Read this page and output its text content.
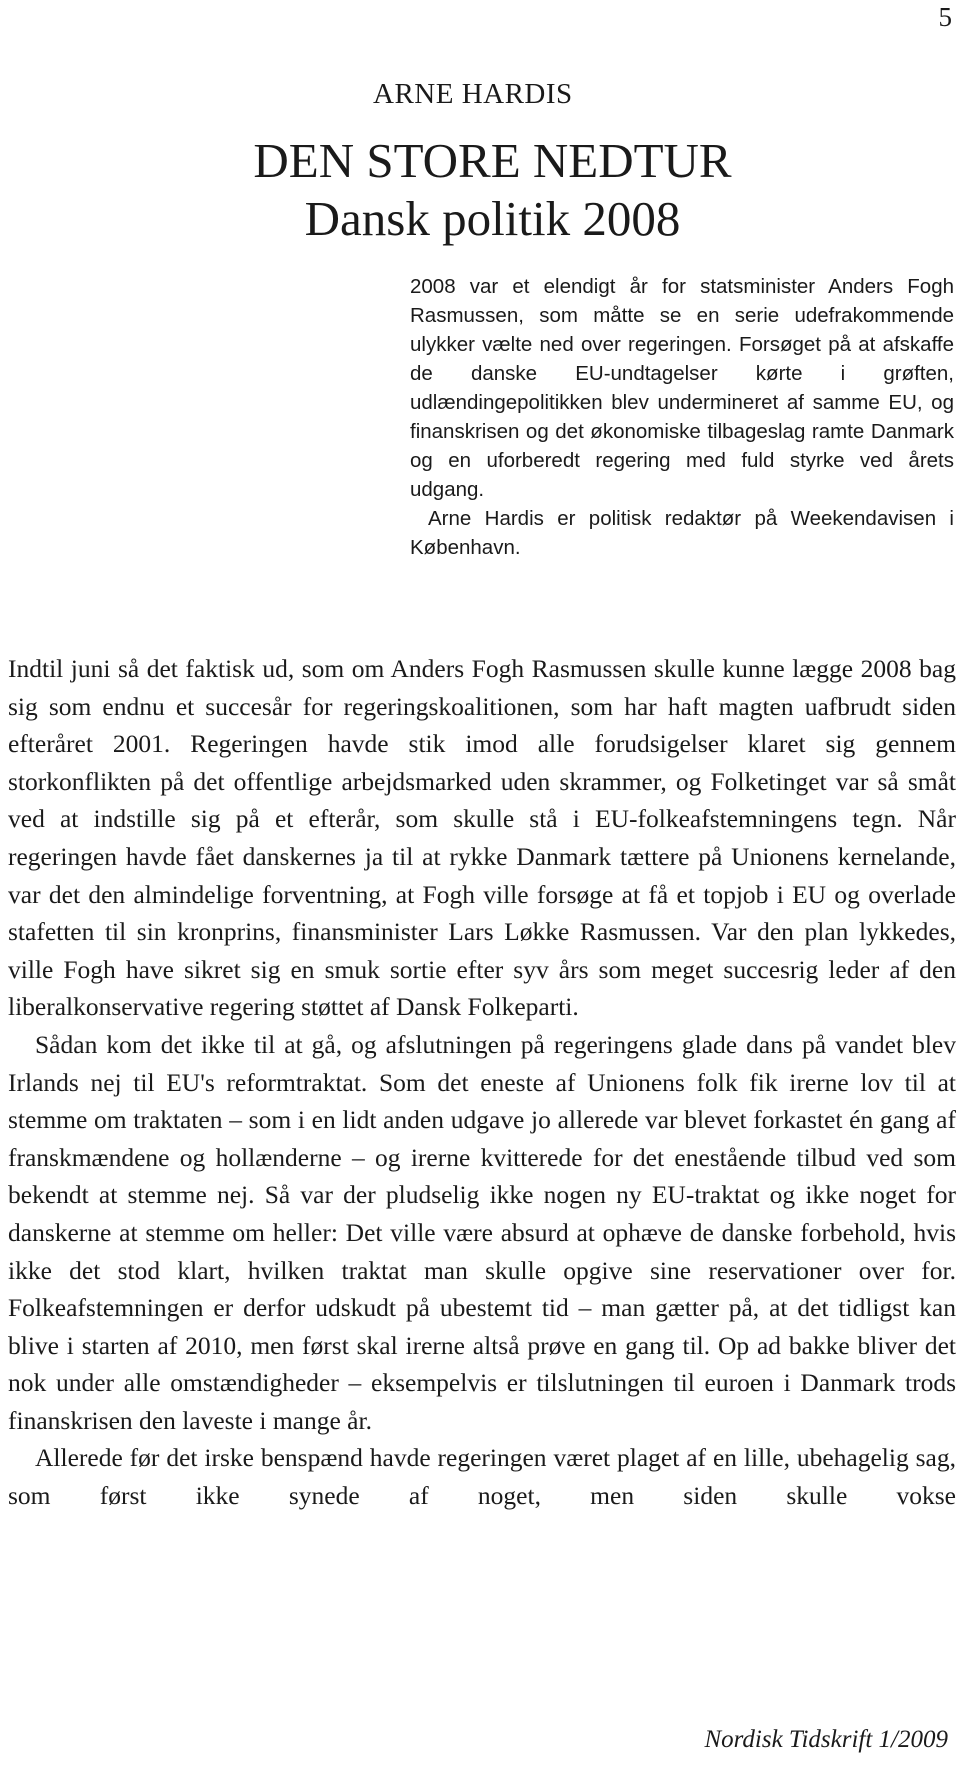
5
ARNE HARDIS
DEN STORE NEDTUR
Dansk politik 2008

2008 var et elendigt år for statsminister Anders Fogh Rasmussen, som måtte se en serie udefrakommende ulykker vælte ned over regeringen. Forsøget på at afskaffe de danske EU-undtagelser kørte i grøften, udlændingepolitikken blev undermineret af samme EU, og finanskrisen og det økonomiske tilbageslag ramte Danmark og en uforberedt regering med fuld styrke ved årets udgang.

Arne Hardis er politisk redaktør på Weekendavisen i København.

Indtil juni så det faktisk ud, som om Anders Fogh Rasmussen skulle kunne lægge 2008 bag sig som endnu et succesår for regeringskoalitionen, som har haft magten uafbrudt siden efteråret 2001. Regeringen havde stik imod alle forudsigelser klaret sig gennem storkonflikten på det offentlige arbejdsmarked uden skrammer, og Folketinget var så småt ved at indstille sig på et efterår, som skulle stå i EU-folkeafstemningens tegn. Når regeringen havde fået danskernes ja til at rykke Danmark tættere på Unionens kernelande, var det den almindelige forventning, at Fogh ville forsøge at få et topjob i EU og overlade stafetten til sin kronprins, finansminister Lars Løkke Rasmussen. Var den plan lykkedes, ville Fogh have sikret sig en smuk sortie efter syv års som meget succesrig leder af den liberalkonservative regering støttet af Dansk Folkeparti.

Sådan kom det ikke til at gå, og afslutningen på regeringens glade dans på vandet blev Irlands nej til EU's reformtraktat. Som det eneste af Unionens folk fik irerne lov til at stemme om traktaten – som i en lidt anden udgave jo allerede var blevet forkastet én gang af franskmændene og hollænderne – og irerne kvitterede for det enestående tilbud ved som bekendt at stemme nej. Så var der pludselig ikke nogen ny EU-traktat og ikke noget for danskerne at stemme om heller: Det ville være absurd at ophæve de danske forbehold, hvis ikke det stod klart, hvilken traktat man skulle opgive sine reservationer over for. Folkeafstemningen er derfor udskudt på ubestemt tid – man gætter på, at det tidligst kan blive i starten af 2010, men først skal irerne altså prøve en gang til. Op ad bakke bliver det nok under alle omstændigheder – eksempelvis er tilslutningen til euroen i Danmark trods finanskrisen den laveste i mange år.

Allerede før det irske benspænd havde regeringen været plaget af en lille, ubehagelig sag, som først ikke synede af noget, men siden skulle vokse

Nordisk Tidskrift 1/2009
